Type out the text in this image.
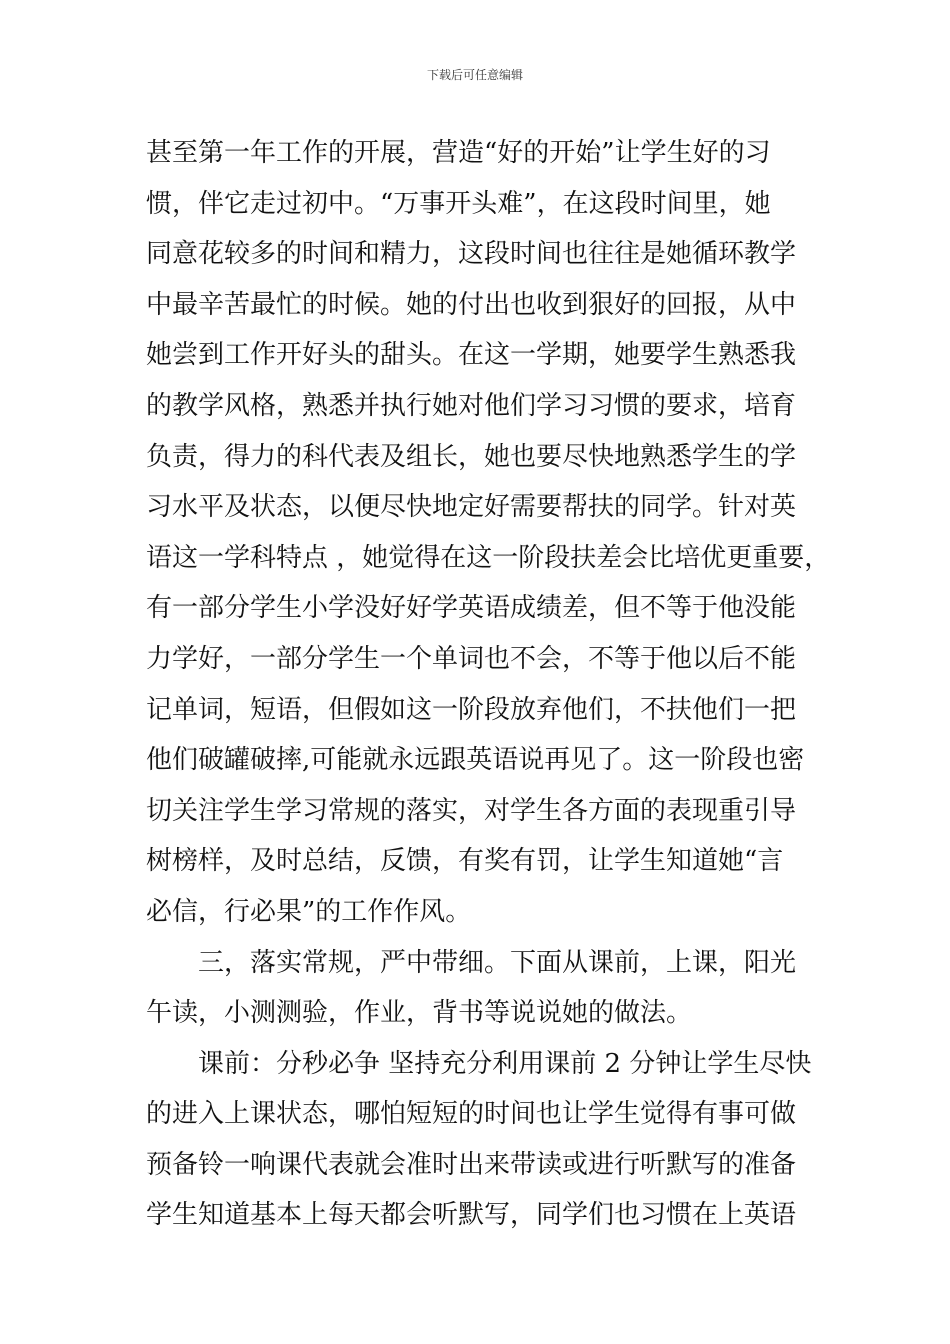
下载后可任意编辑
甚至第一年工作的开展，营造“好的开始”让学生好的习
惯，伴它走过初中。“万事开头难”，在这段时间里，她
同意花较多的时间和精力，这段时间也往往是她循环教学
中最辛苦最忙的时候。她的付出也收到狠好的回报，从中
她尝到工作开好头的甜头。在这一学期，她要学生熟悉我
的教学风格，熟悉并执行她对他们学习习惯的要求，培育
负责，得力的科代表及组长，她也要尽快地熟悉学生的学
习水平及状态，以便尽快地定好需要帮扶的同学。针对英
语这一学科特点 ，她觉得在这一阶段扶差会比培优更重要，
有一部分学生小学没好好学英语成绩差，但不等于他没能
力学好，一部分学生一个单词也不会，不等于他以后不能
记单词，短语，但假如这一阶段放弃他们，不扶他们一把
他们破罐破摔,可能就永远跟英语说再见了。这一阶段也密
切关注学生学习常规的落实，对学生各方面的表现重引导
树榜样，及时总结，反馈，有奖有罚，让学生知道她“言
必信，行必果”的工作作风。
三，落实常规，严中带细。下面从课前，上课，阳光
午读，小测测验，作业，背书等说说她的做法。
课前：分秒必争 坚持充分利用课前 2 分钟让学生尽快
的进入上课状态，哪怕短短的时间也让学生觉得有事可做
预备铃一响课代表就会准时出来带读或进行听默写的准备
学生知道基本上每天都会听默写，同学们也习惯在上英语
